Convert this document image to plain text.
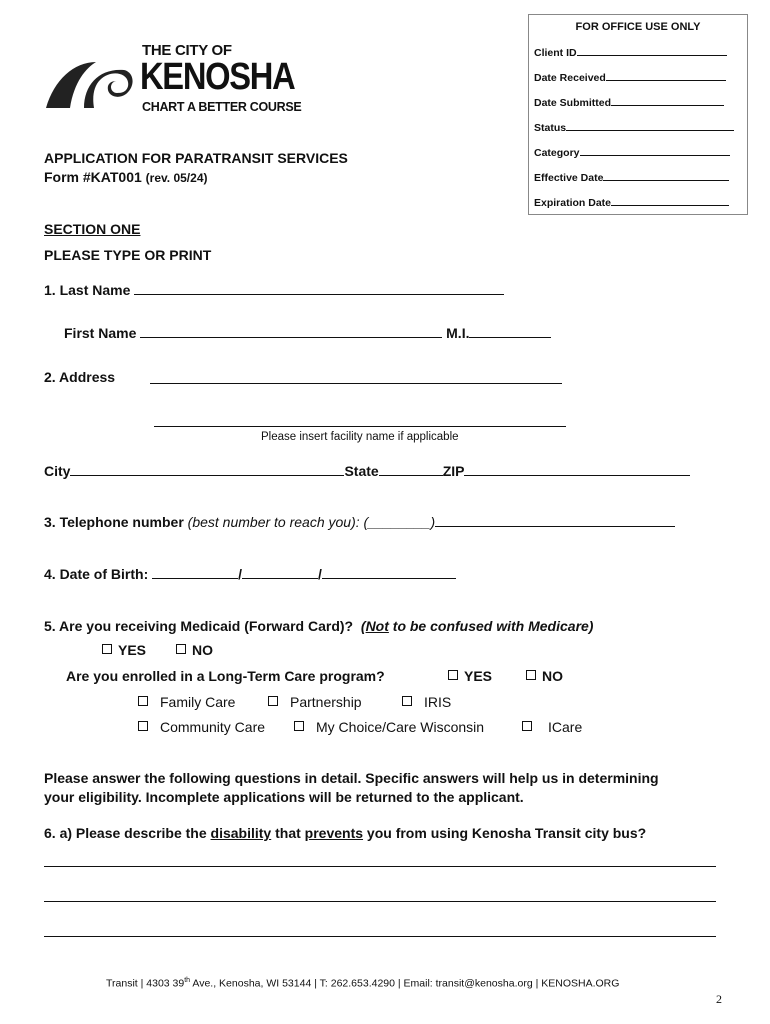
FOR OFFICE USE ONLY
Client ID
Date Received
Date Submitted
Status
Category
Effective Date
Expiration Date
THE CITY OF
KENOSHA
CHART A BETTER COURSE
APPLICATION FOR PARATRANSIT SERVICES
Form #KAT001 (rev. 05/24)
SECTION ONE
PLEASE TYPE OR PRINT
1. Last Name
First Name	M.I.
2. Address
Please insert facility name if applicable
City	State	ZIP
3. Telephone number (best number to reach you): (________)
4. Date of Birth:	/	/
5. Are you receiving Medicaid (Forward Card)? (Not to be confused with Medicare)
YES	NO
Are you enrolled in a Long-Term Care program?	YES	NO
Family Care	Partnership	IRIS
Community Care	My Choice/Care Wisconsin	ICare
Please answer the following questions in detail. Specific answers will help us in determining
your eligibility. Incomplete applications will be returned to the applicant.
6. a) Please describe the disability that prevents you from using Kenosha Transit city bus?
Transit | 4303 39th Ave., Kenosha, WI 53144 | T: 262.653.4290 | Email: transit@kenosha.org | KENOSHA.ORG
2
